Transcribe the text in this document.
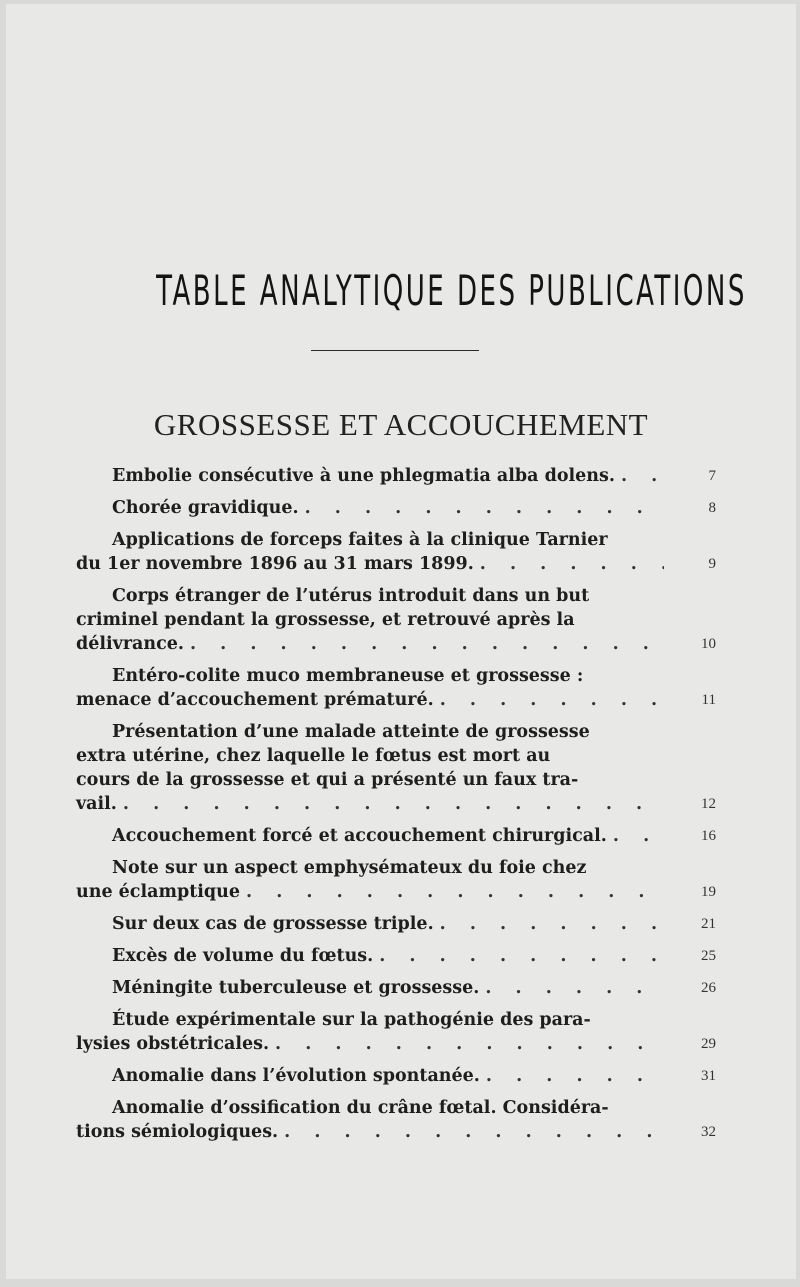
TABLE ANALYTIQUE DES PUBLICATIONS
GROSSESSE ET ACCOUCHEMENT
Embolie consécutive à une phlegmatia alba dolens. . . .	7
Chorée gravidique. . . .	8
Applications de forceps faites à la clinique Tarnier
du 1er novembre 1896 au 31 mars 1899. . . .	9
Corps étranger de l’utérus introduit dans un but
criminel pendant la grossesse, et retrouvé après la
délivrance. . . .	10
Entéro-colite muco membraneuse et grossesse :
menace d’accouchement prématuré. . . .	11
Présentation d’une malade atteinte de grossesse
extra utérine, chez laquelle le fœtus est mort au
cours de la grossesse et qui a présenté un faux tra-
vail. . . .	12
Accouchement forcé et accouchement chirurgical. . . .	16
Note sur un aspect emphysémateux du foie chez
une éclamptique . . .	19
Sur deux cas de grossesse triple. . . .	21
Excès de volume du fœtus. . . .	25
Méningite tuberculeuse et grossesse. . . .	26
Étude expérimentale sur la pathogénie des para-
lysies obstétricales. . . .	29
Anomalie dans l’évolution spontanée. . . .	31
Anomalie d’ossification du crâne fœtal. Considéra-
tions sémiologiques. . . .	32
